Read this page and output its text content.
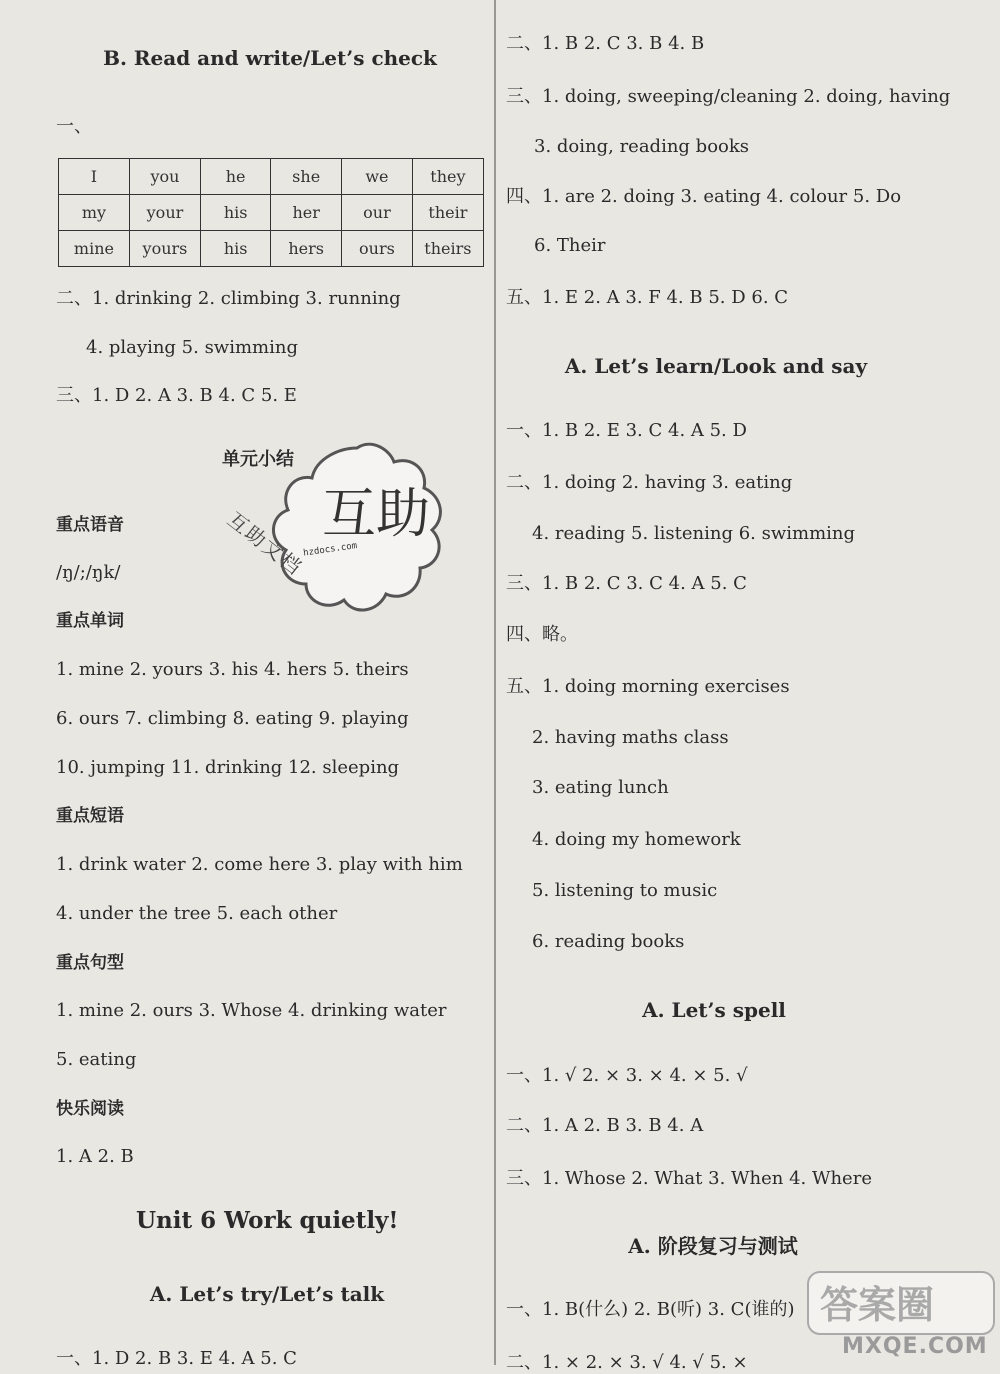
B. Read and write/Let’s check
一、
I	you	he	she	we	they
my	your	his	her	our	their
mine	yours	his	hers	ours	theirs
二、1. drinking 2. climbing 3. running
4. playing 5. swimming
三、1. D 2. A 3. B 4. C 5. E
单元小结
重点语音
/ŋ/;/ŋk/
重点单词
1. mine 2. yours 3. his 4. hers 5. theirs
6. ours 7. climbing 8. eating 9. playing
10. jumping 11. drinking 12. sleeping
重点短语
1. drink water 2. come here 3. play with him
4. under the tree 5. each other
重点句型
1. mine 2. ours 3. Whose 4. drinking water
5. eating
快乐阅读
1. A 2. B
Unit 6 Work quietly!
A. Let’s try/Let’s talk
一、1. D 2. B 3. E 4. A 5. C
二、1. B 2. C 3. B 4. B
三、1. doing, sweeping/cleaning 2. doing, having
3. doing, reading books
四、1. are 2. doing 3. eating 4. colour 5. Do
6. Their
五、1. E 2. A 3. F 4. B 5. D 6. C
A. Let’s learn/Look and say
一、1. B 2. E 3. C 4. A 5. D
二、1. doing 2. having 3. eating
4. reading 5. listening 6. swimming
三、1. B 2. C 3. C 4. A 5. C
四、略。
五、1. doing morning exercises
2. having maths class
3. eating lunch
4. doing my homework
5. listening to music
6. reading books
A. Let’s spell
一、1. √ 2. × 3. × 4. × 5. √
二、1. A 2. B 3. B 4. A
三、1. Whose 2. What 3. When 4. Where
A. 阶段复习与测试
一、1. B(什么) 2. B(听) 3. C(谁的)
二、1. × 2. × 3. √ 4. √ 5. ×
互助
hzdocs.com
互助文档
答案圈
MXQE.COM
